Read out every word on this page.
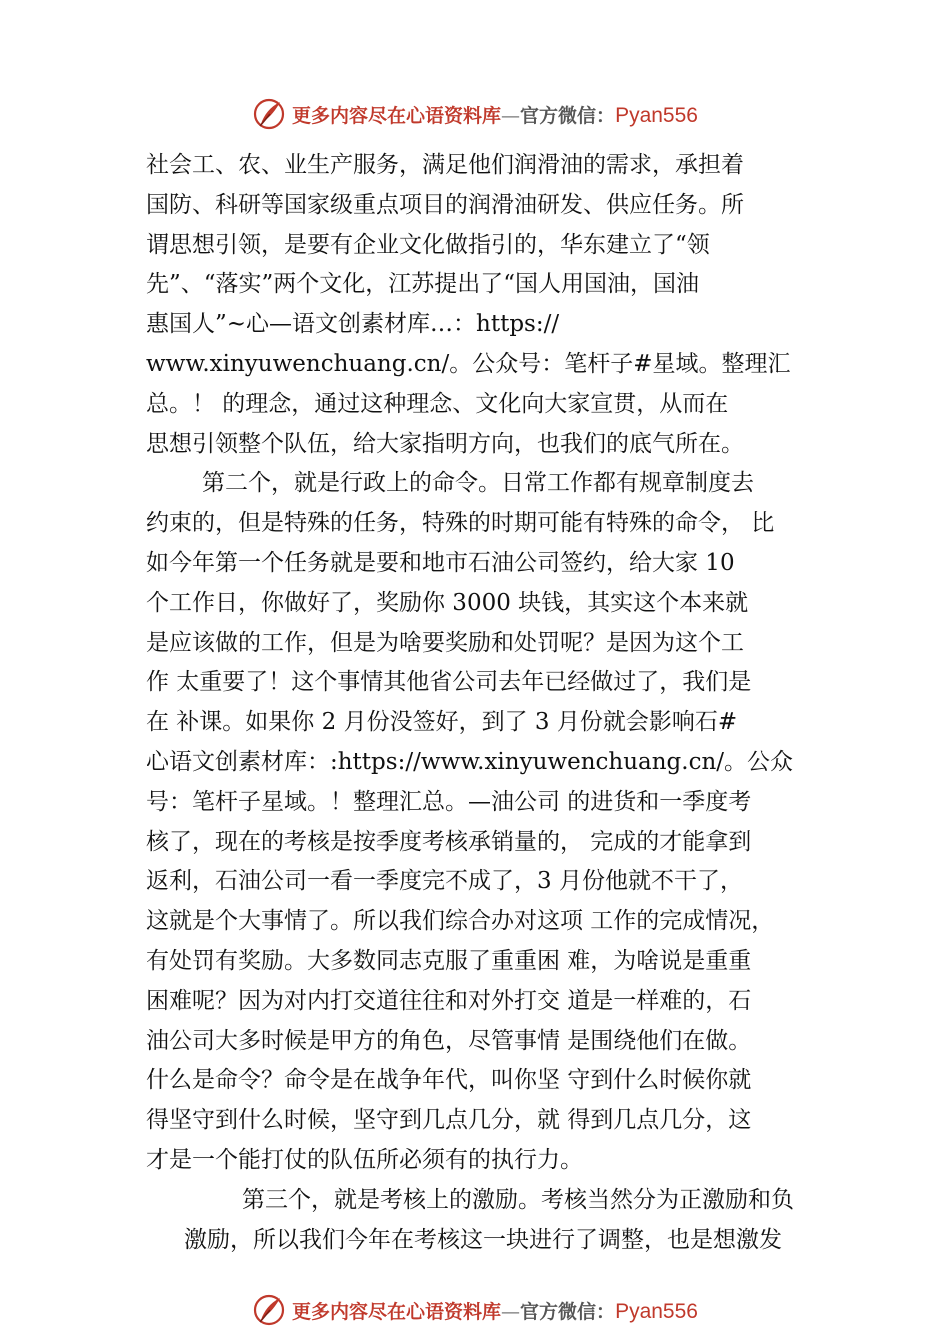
更多内容尽在心语资料库—官方微信：Pyan556
社会工、农、业生产服务，满足他们润滑油的需求，承担着
国防、科研等国家级重点项目的润滑油研发、供应任务。所
谓思想引领，是要有企业文化做指引的，华东建立了“领
先”、“落实”两个文化，江苏提出了“国人用国油，国油
惠国人”~心—语文创素材库…：https://
www.xinyuwenchuang.cn/。公众号：笔杆子#星域。整理汇
总。！ 的理念，通过这种理念、文化向大家宣贯，从而在
思想引领整个队伍，给大家指明方向，也我们的底气所在。
第二个，就是行政上的命令。日常工作都有规章制度去
约束的，但是特殊的任务，特殊的时期可能有特殊的命令， 比
如今年第一个任务就是要和地市石油公司签约，给大家 10
个工作日，你做好了，奖励你 3000 块钱，其实这个本来就
是应该做的工作，但是为啥要奖励和处罚呢？是因为这个工
作 太重要了！这个事情其他省公司去年已经做过了，我们是
在 补课。如果你 2 月份没签好，到了 3 月份就会影响石#
心语文创素材库：:https://www.xinyuwenchuang.cn/。公众
号：笔杆子星域。！整理汇总。—油公司 的进货和一季度考
核了，现在的考核是按季度考核承销量的， 完成的才能拿到
返利，石油公司一看一季度完不成了，3 月份他就不干了，
这就是个大事情了。所以我们综合办对这项 工作的完成情况，
有处罚有奖励。大多数同志克服了重重困 难，为啥说是重重
困难呢？因为对内打交道往往和对外打交 道是一样难的，石
油公司大多时候是甲方的角色，尽管事情 是围绕他们在做。
什么是命令？命令是在战争年代，叫你坚 守到什么时候你就
得坚守到什么时候，坚守到几点几分，就 得到几点几分，这
才是一个能打仗的队伍所必须有的执行力。
第三个，就是考核上的激励。考核当然分为正激励和负
激励，所以我们今年在考核这一块进行了调整，也是想激发
更多内容尽在心语资料库—官方微信：Pyan556
